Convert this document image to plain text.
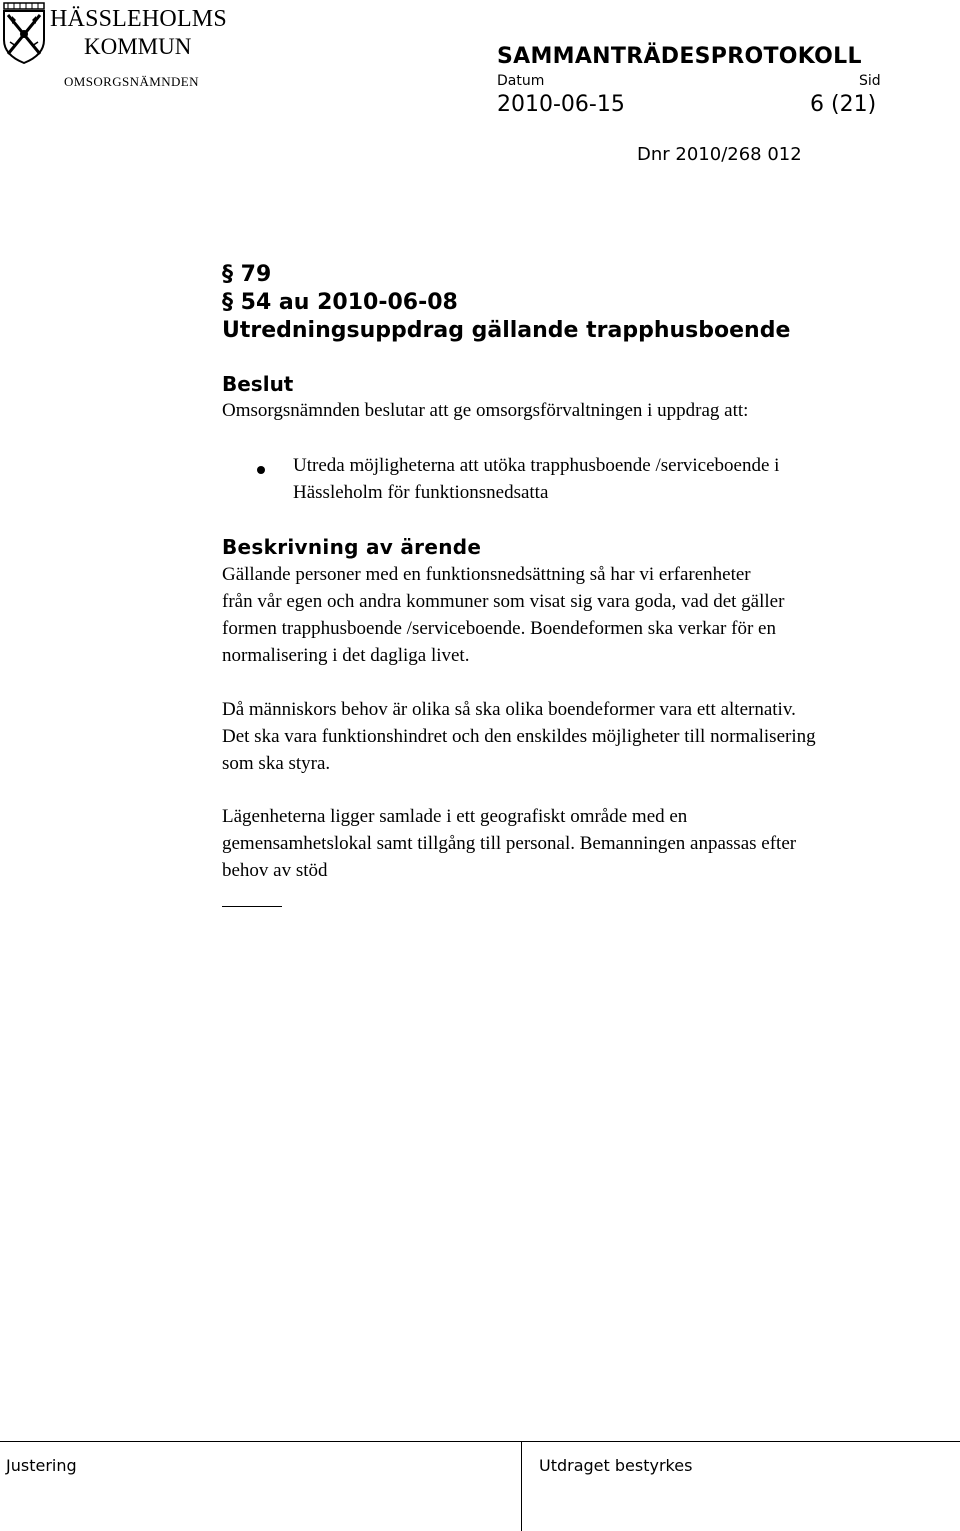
HÄSSLEHOLMS
KOMMUN
OMSORGSNÄMNDEN
SAMMANTRÄDESPROTOKOLL
Datum	Sid
2010-06-15	6 (21)
Dnr 2010/268 012
§ 79
§ 54 au 2010-06-08
Utredningsuppdrag gällande trapphusboende
Beslut
Omsorgsnämnden beslutar att ge omsorgsförvaltningen i uppdrag att:
Utreda möjligheterna att utöka trapphusboende /serviceboende i
Hässleholm för funktionsnedsatta
Beskrivning av ärende
Gällande personer med en funktionsnedsättning så har vi erfarenheter
från vår egen och andra kommuner som visat sig vara goda, vad det gäller
formen trapphusboende /serviceboende. Boendeformen ska verkar för en
normalisering i det dagliga livet.
Då människors behov är olika så ska olika boendeformer vara ett alternativ.
Det ska vara funktionshindret och den enskildes möjligheter till normalisering
som ska styra.
Lägenheterna ligger samlade i ett geografiskt område med en
gemensamhetslokal samt tillgång till personal. Bemanningen anpassas efter
behov av stöd
Justering	Utdraget bestyrkes
